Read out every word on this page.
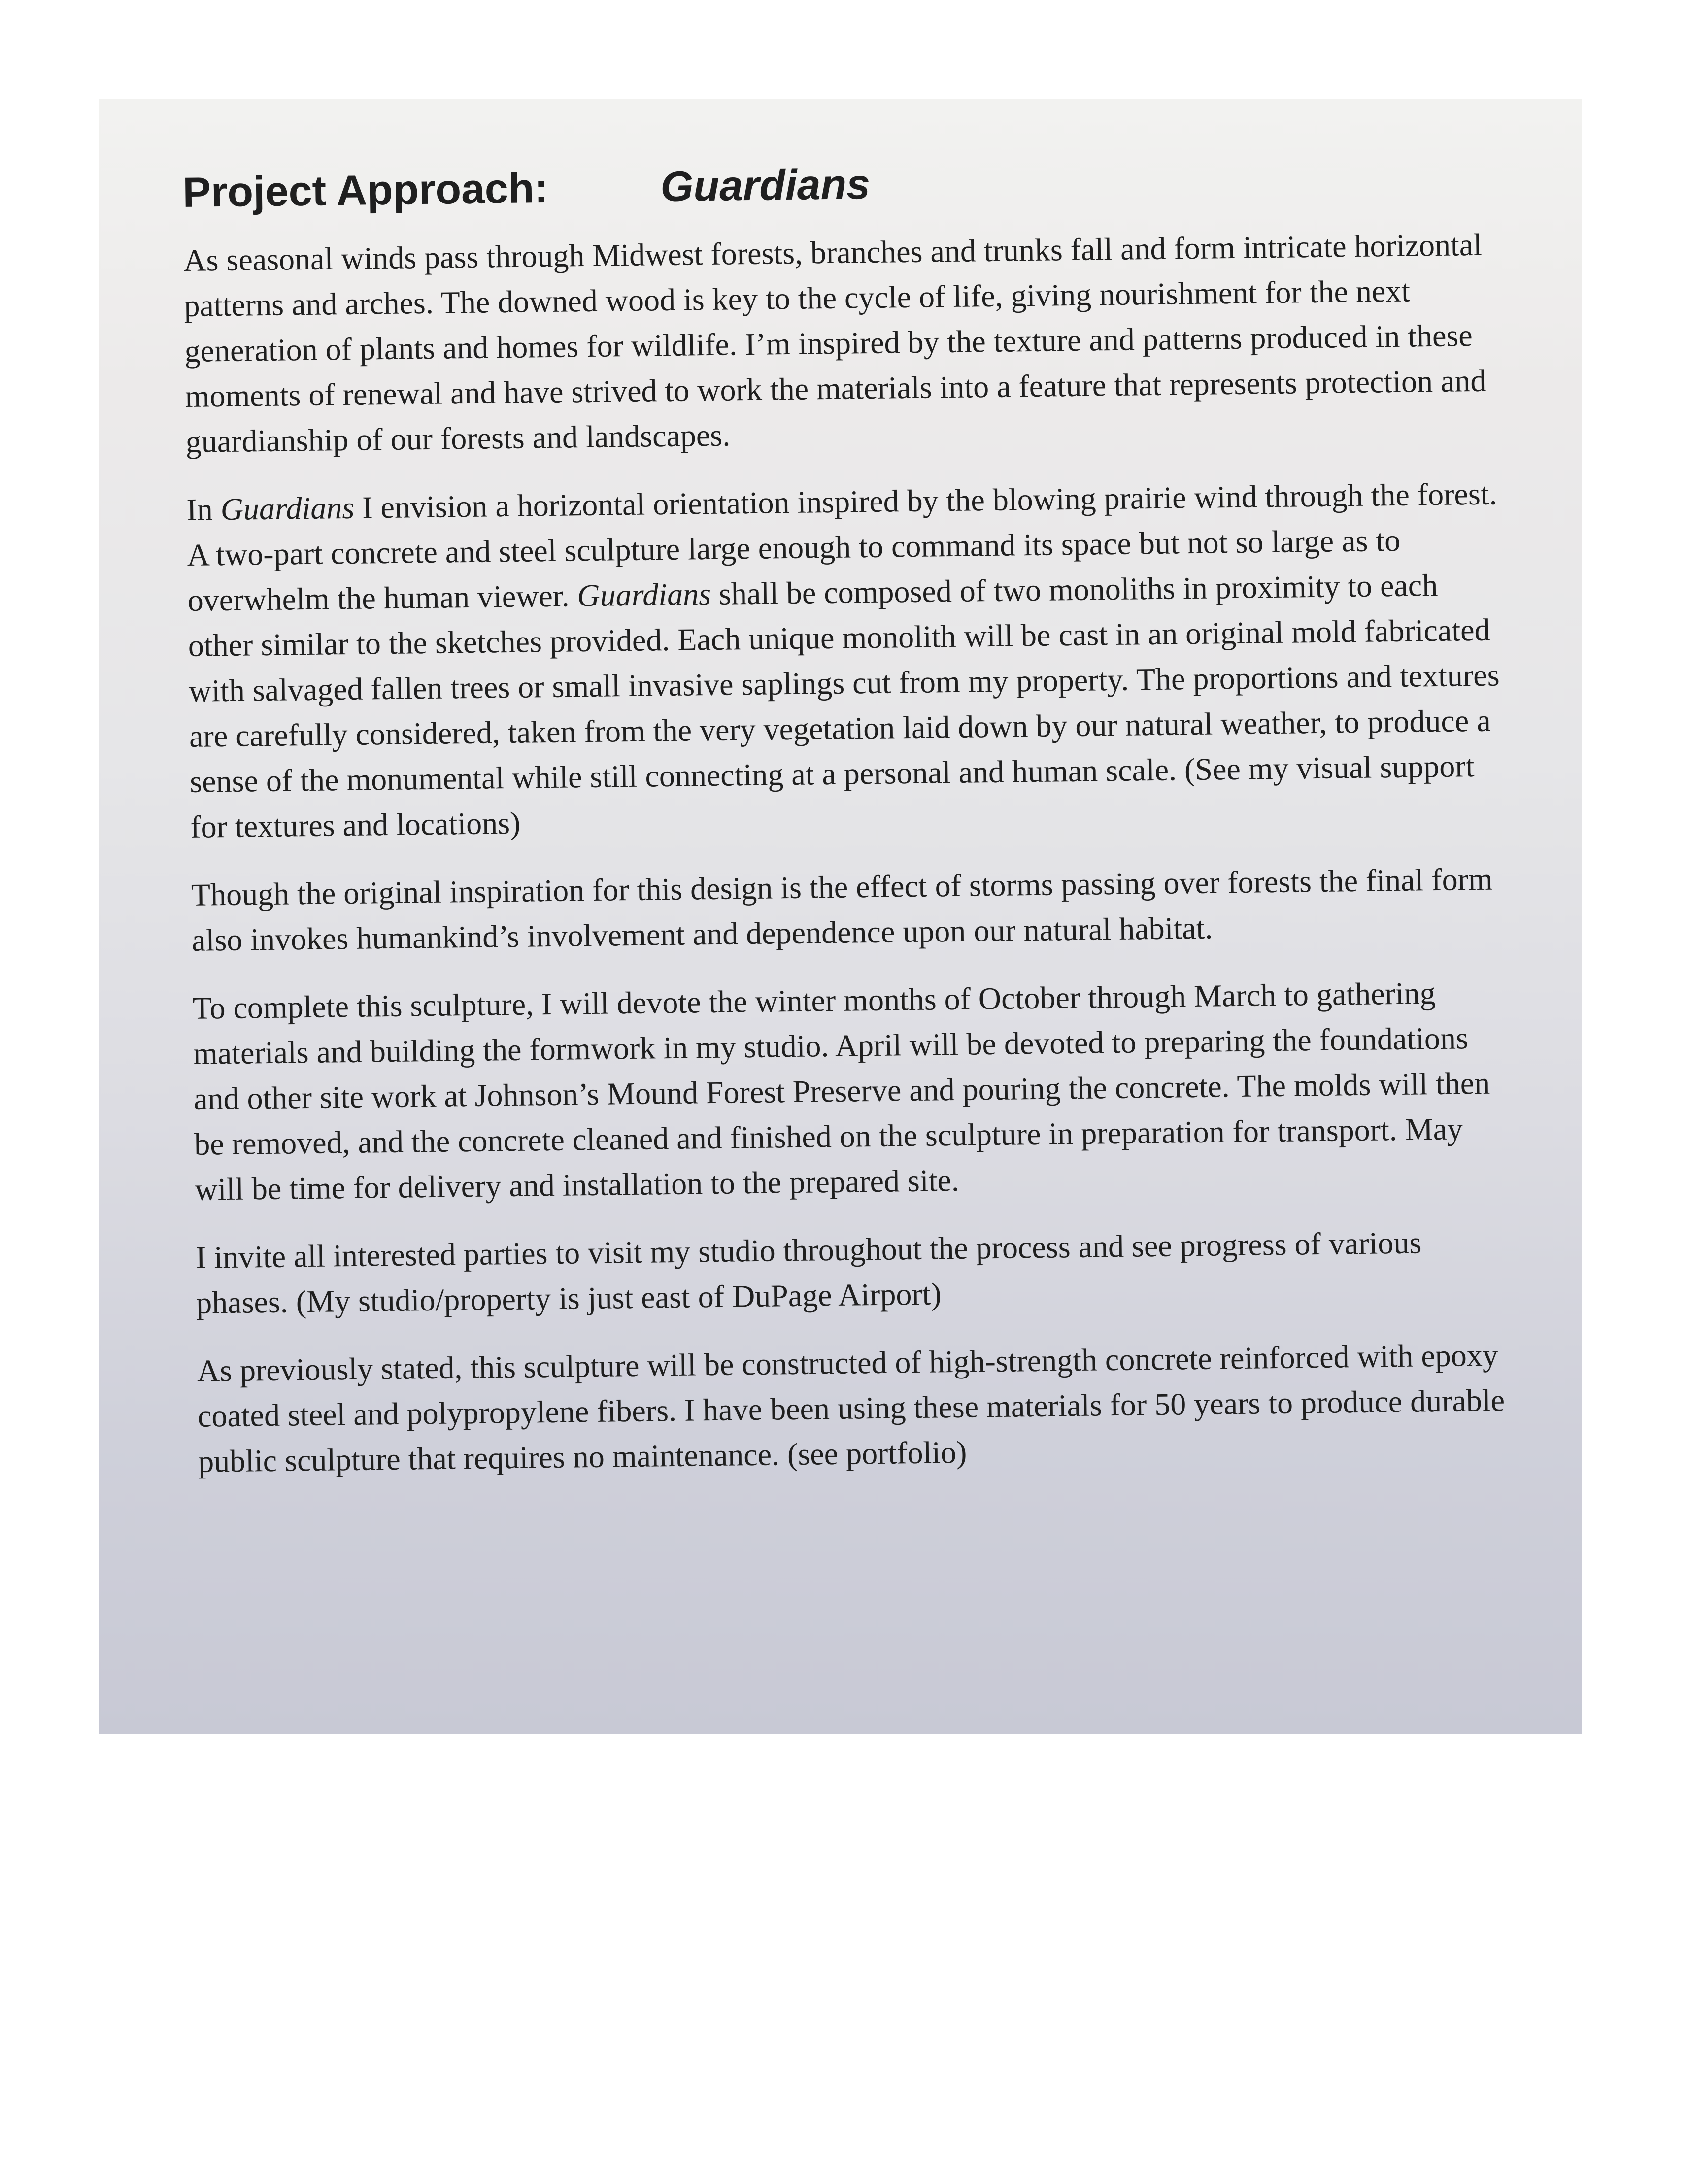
Project Approach:	Guardians

As seasonal winds pass through Midwest forests, branches and trunks fall and form intricate horizontal patterns and arches. The downed wood is key to the cycle of life, giving nourishment for the next generation of plants and homes for wildlife. I’m inspired by the texture and patterns produced in these moments of renewal and have strived to work the materials into a feature that represents protection and guardianship of our forests and landscapes.

In Guardians I envision a horizontal orientation inspired by the blowing prairie wind through the forest. A two-part concrete and steel sculpture large enough to command its space but not so large as to overwhelm the human viewer. Guardians shall be composed of two monoliths in proximity to each other similar to the sketches provided. Each unique monolith will be cast in an original mold fabricated with salvaged fallen trees or small invasive saplings cut from my property. The proportions and textures are carefully considered, taken from the very vegetation laid down by our natural weather, to produce a sense of the monumental while still connecting at a personal and human scale. (See my visual support for textures and locations)

Though the original inspiration for this design is the effect of storms passing over forests the final form also invokes humankind’s involvement and dependence upon our natural habitat.

To complete this sculpture, I will devote the winter months of October through March to gathering materials and building the formwork in my studio. April will be devoted to preparing the foundations and other site work at Johnson’s Mound Forest Preserve and pouring the concrete. The molds will then be removed, and the concrete cleaned and finished on the sculpture in preparation for transport. May will be time for delivery and installation to the prepared site.

I invite all interested parties to visit my studio throughout the process and see progress of various phases. (My studio/property is just east of DuPage Airport)

As previously stated, this sculpture will be constructed of high-strength concrete reinforced with epoxy coated steel and polypropylene fibers. I have been using these materials for 50 years to produce durable public sculpture that requires no maintenance. (see portfolio)
